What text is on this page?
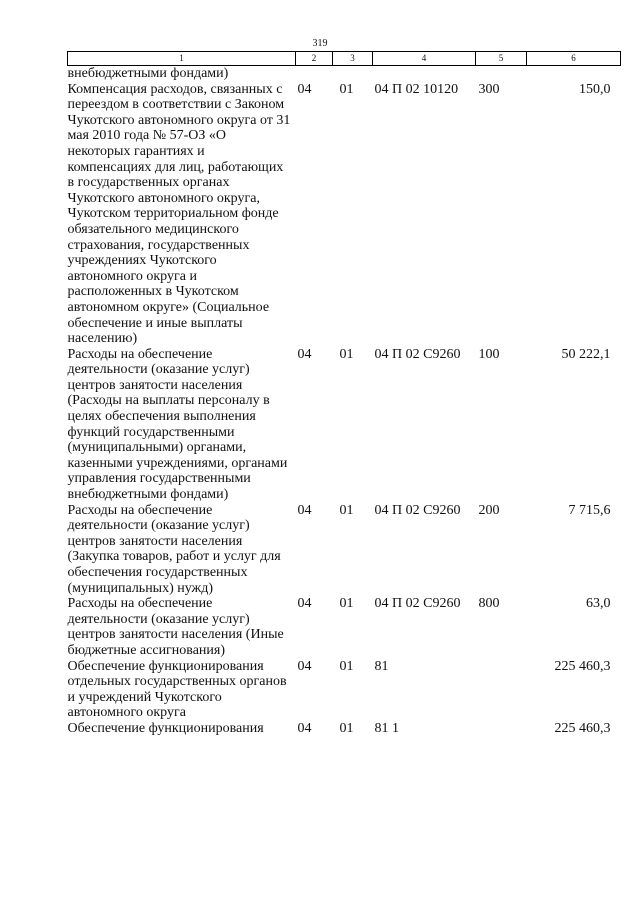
319
1	2	3	4	5	6
внебюджетными фондами)					
Компенсация расходов, связанных с переездом в соответствии с Законом Чукотского автономного округа от 31 мая 2010 года № 57-ОЗ «О некоторых гарантиях и компенсациях для лиц, работающих в государственных органах Чукотского автономного округа, Чукотском территориальном фонде обязательного медицинского страхования, государственных учреждениях Чукотского автономного округа и расположенных в Чукотском автономном округе» (Социальное обеспечение и иные выплаты населению)	04	01	04 П 02 10120	300	150,0
Расходы на обеспечение деятельности (оказание услуг) центров занятости населения (Расходы на выплаты персоналу в целях обеспечения выполнения функций государственными (муниципальными) органами, казенными учреждениями, органами управления государственными внебюджетными фондами)	04	01	04 П 02 С9260	100	50 222,1
Расходы на обеспечение деятельности (оказание услуг) центров занятости населения (Закупка товаров, работ и услуг для обеспечения государственных (муниципальных) нужд)	04	01	04 П 02 С9260	200	7 715,6
Расходы на обеспечение деятельности (оказание услуг) центров занятости населения (Иные бюджетные ассигнования)	04	01	04 П 02 С9260	800	63,0
Обеспечение функционирования отдельных государственных органов и учреждений Чукотского автономного округа	04	01	81		225 460,3
Обеспечение функционирования	04	01	81 1		225 460,3
